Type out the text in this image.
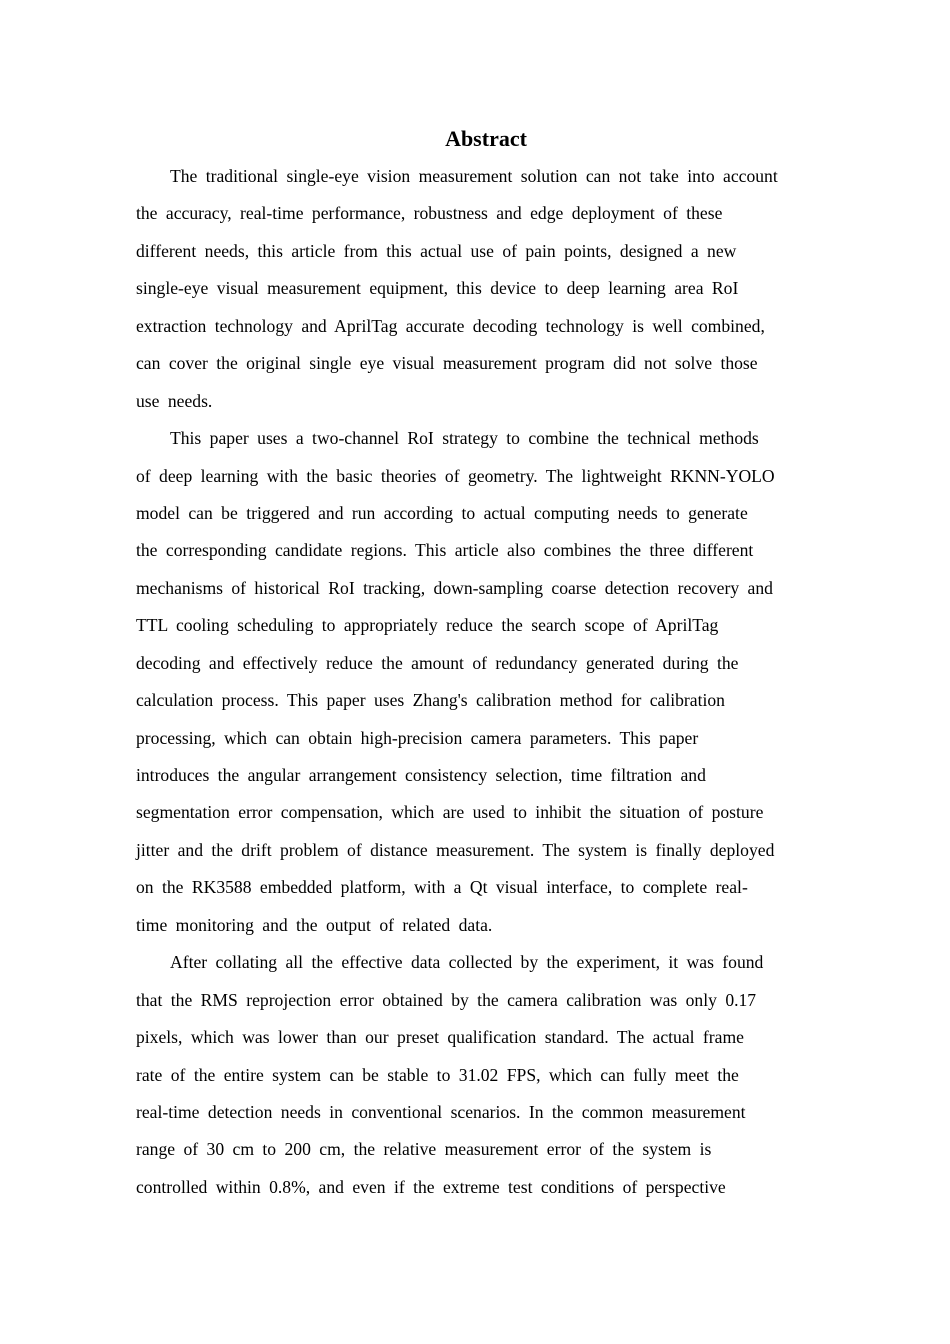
Abstract
The traditional single-eye vision measurement solution can not take into account
the accuracy, real-time performance, robustness and edge deployment of these
different needs, this article from this actual use of pain points, designed a new
single-eye visual measurement equipment, this device to deep learning area RoI
extraction technology and AprilTag accurate decoding technology is well combined,
can cover the original single eye visual measurement program did not solve those
use needs.
This paper uses a two-channel RoI strategy to combine the technical methods
of deep learning with the basic theories of geometry. The lightweight RKNN-YOLO
model can be triggered and run according to actual computing needs to generate
the corresponding candidate regions. This article also combines the three different
mechanisms of historical RoI tracking, down-sampling coarse detection recovery and
TTL cooling scheduling to appropriately reduce the search scope of AprilTag
decoding and effectively reduce the amount of redundancy generated during the
calculation process. This paper uses Zhang's calibration method for calibration
processing, which can obtain high-precision camera parameters. This paper
introduces the angular arrangement consistency selection, time filtration and
segmentation error compensation, which are used to inhibit the situation of posture
jitter and the drift problem of distance measurement. The system is finally deployed
on the RK3588 embedded platform, with a Qt visual interface, to complete real-
time monitoring and the output of related data.
After collating all the effective data collected by the experiment, it was found
that the RMS reprojection error obtained by the camera calibration was only 0.17
pixels, which was lower than our preset qualification standard. The actual frame
rate of the entire system can be stable to 31.02 FPS, which can fully meet the
real-time detection needs in conventional scenarios. In the common measurement
range of 30 cm to 200 cm, the relative measurement error of the system is
controlled within 0.8%, and even if the extreme test conditions of perspective
